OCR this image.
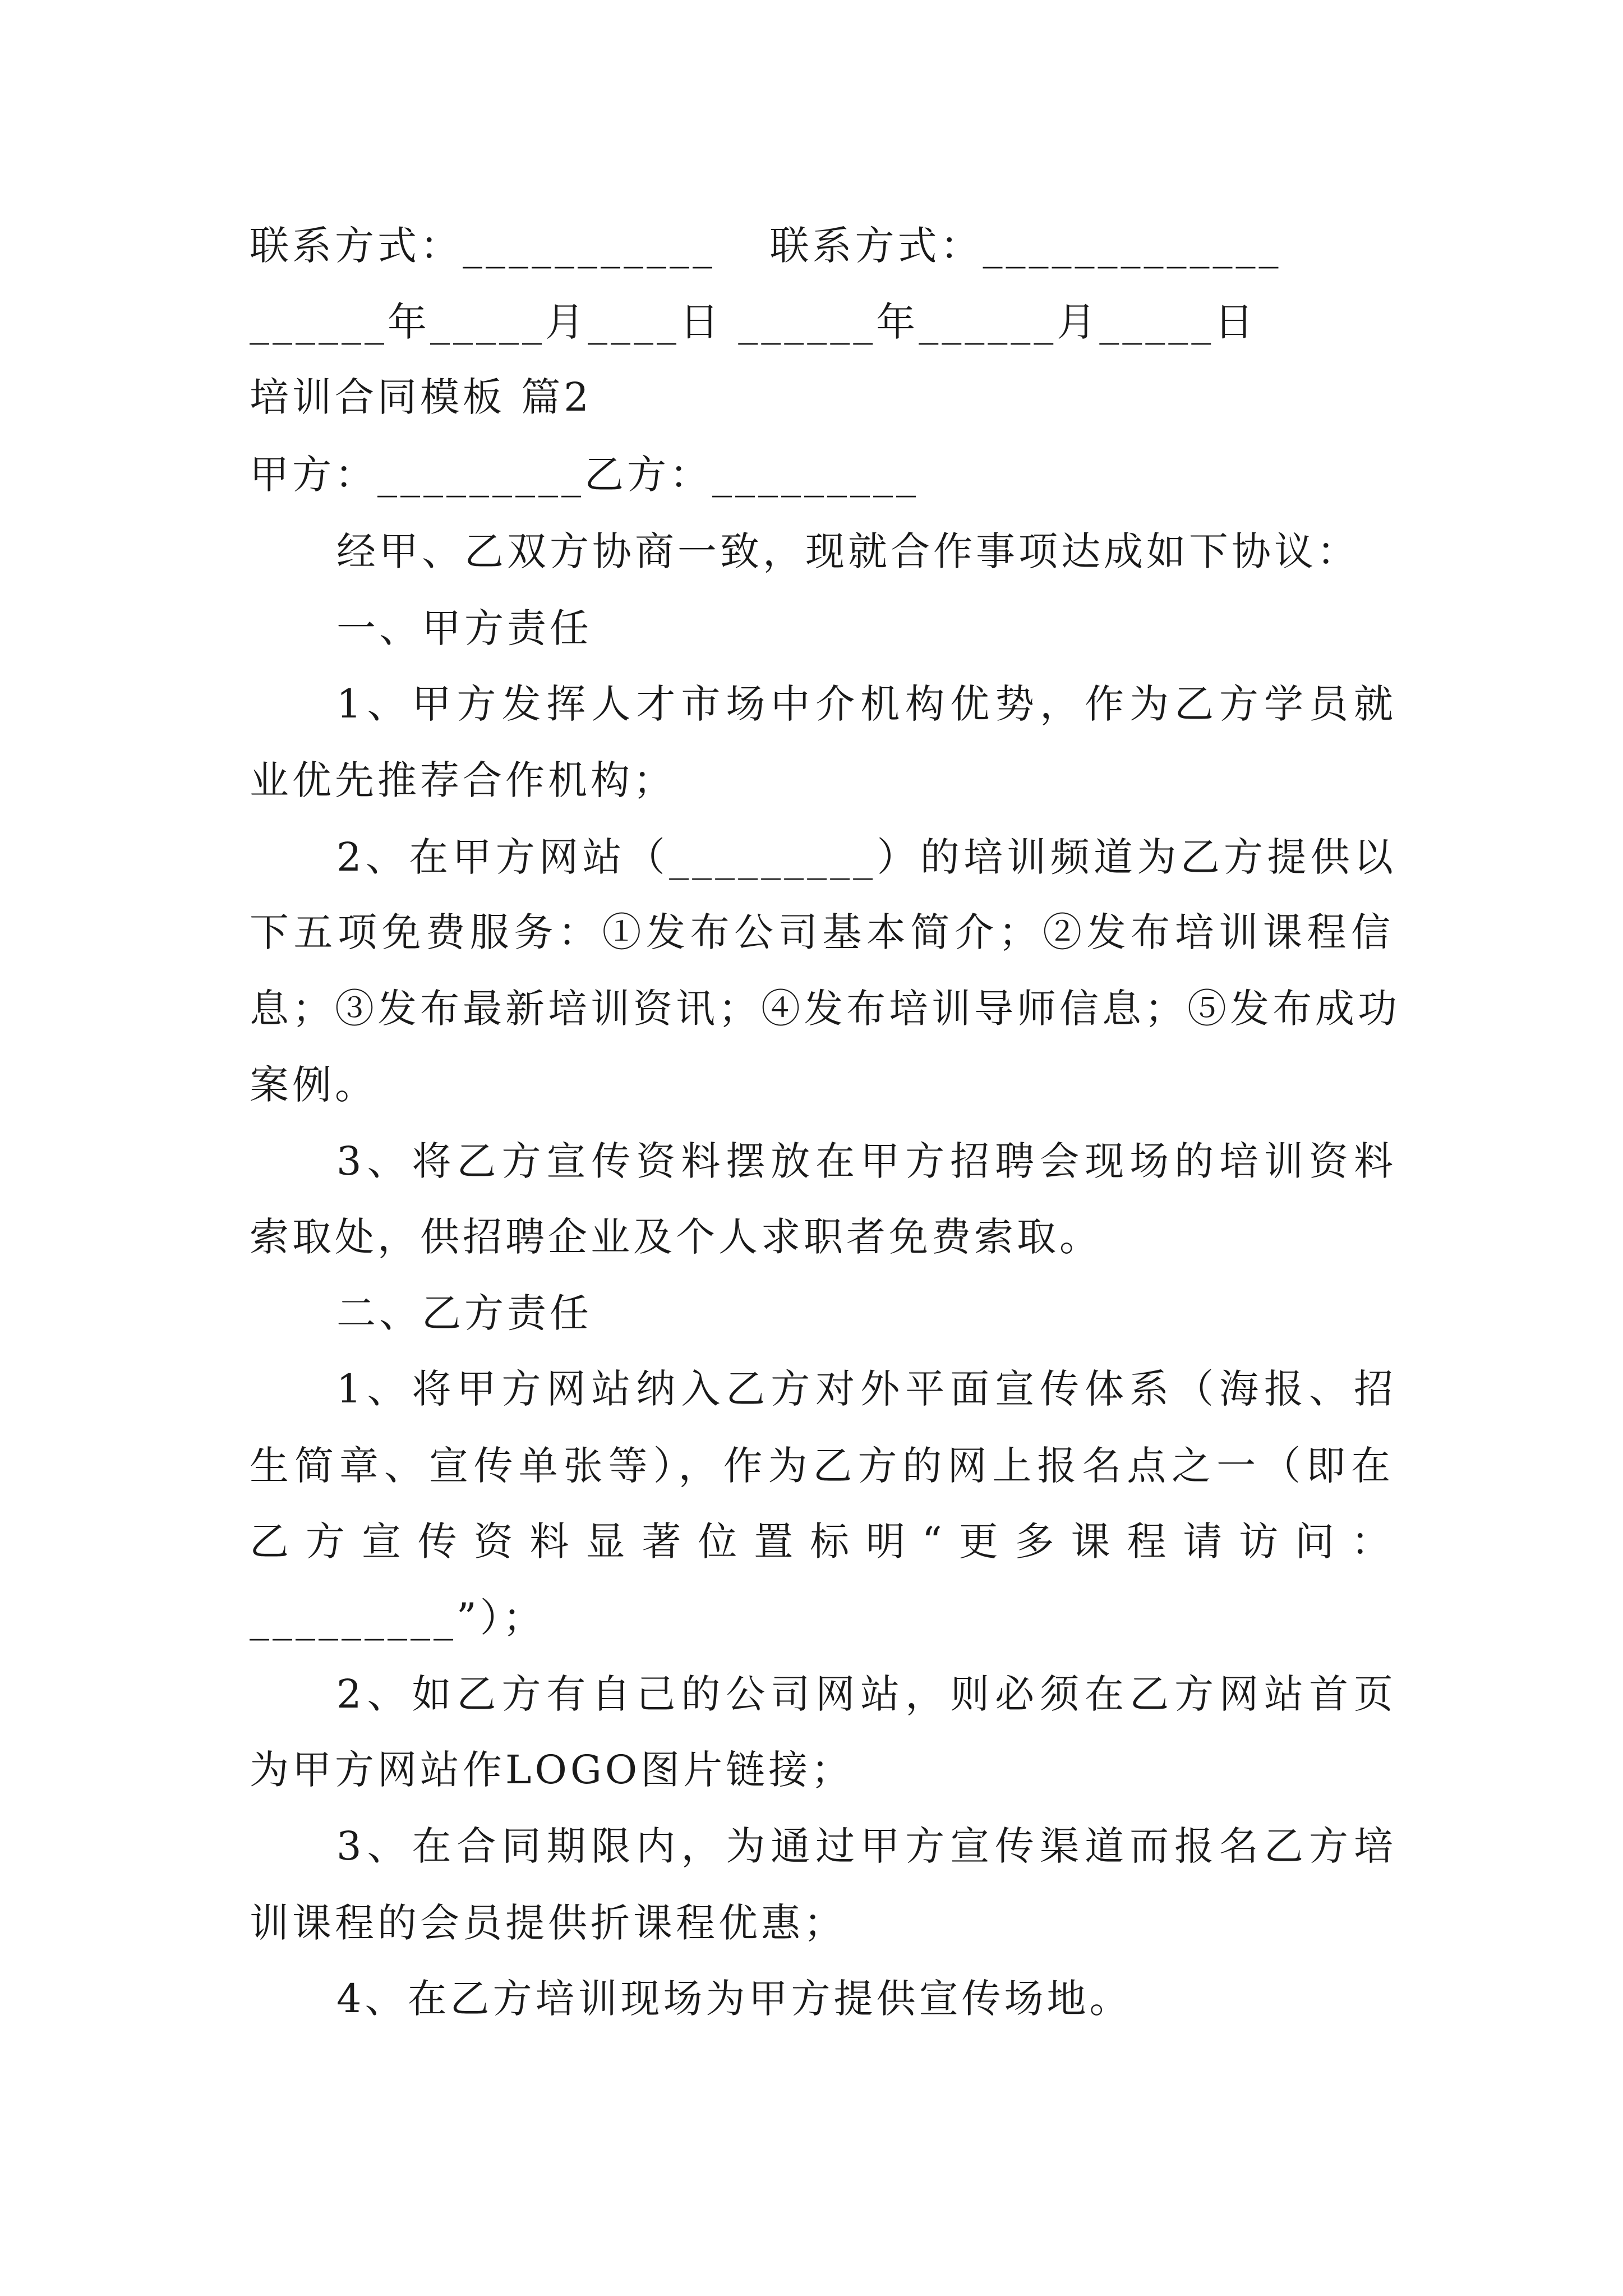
联系方式：___________ 联系方式：_____________
______年_____月____日 ______年______月_____日
培训合同模板 篇2
甲方：_________乙方：_________
经甲、乙双方协商一致，现就合作事项达成如下协议：
一、甲方责任
1、甲方发挥人才市场中介机构优势，作为乙方学员就
业优先推荐合作机构；
2、在甲方网站（_________）的培训频道为乙方提供以
下五项免费服务：①发布公司基本简介；②发布培训课程信
息；③发布最新培训资讯；④发布培训导师信息；⑤发布成功
案例。
3、将乙方宣传资料摆放在甲方招聘会现场的培训资料
索取处，供招聘企业及个人求职者免费索取。
二、乙方责任
1、将甲方网站纳入乙方对外平面宣传体系（海报、招
生简章、宣传单张等），作为乙方的网上报名点之一（即在
乙方宣传资料显著位置标明“更多课程请访问：
_________”）；
2、如乙方有自己的公司网站，则必须在乙方网站首页
为甲方网站作LOGO图片链接；
3、在合同期限内，为通过甲方宣传渠道而报名乙方培
训课程的会员提供折课程优惠；
4、在乙方培训现场为甲方提供宣传场地。
